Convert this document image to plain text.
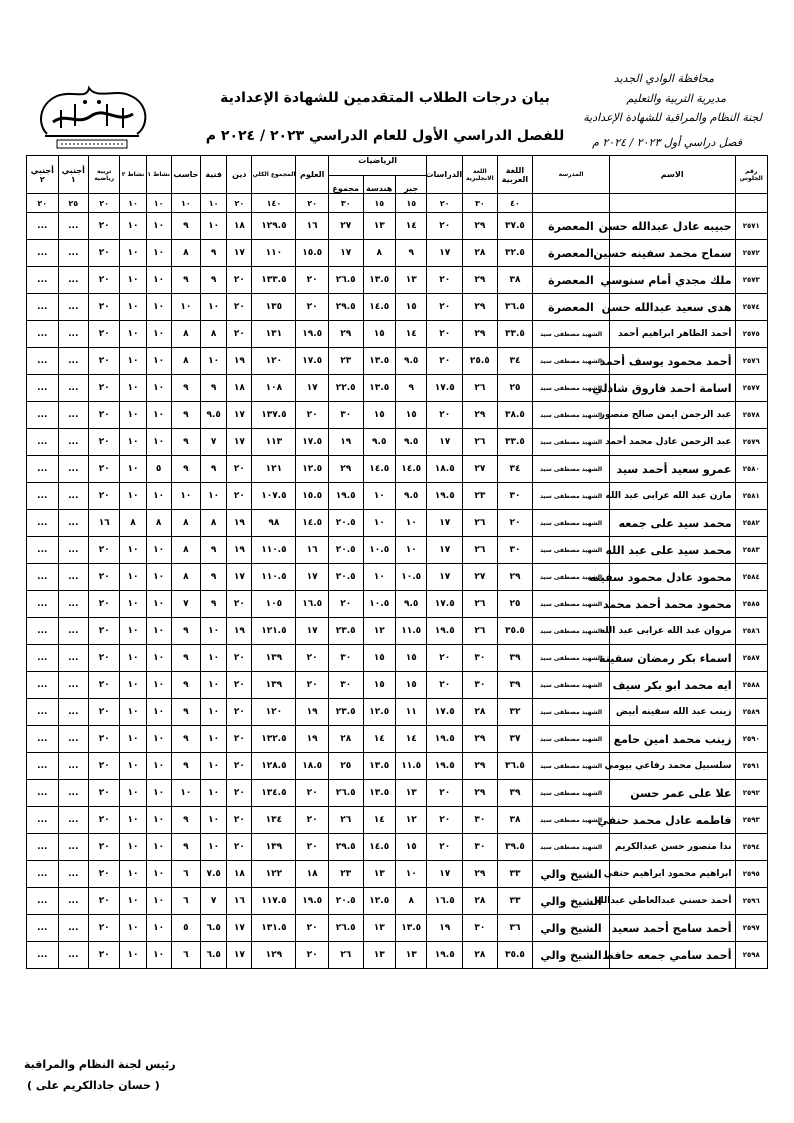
محافظة الوادي الجديد
مديرية التربية والتعليم
لجنة النظام والمراقبة للشهادة الإعدادية
فصل دراسي أول ٢٠٢٣ / ٢٠٢٤ م
بيان درجات الطلاب المتقدمين للشهادة الإعدادية
للفصل الدراسي الأول للعام الدراسي ٢٠٢٣ / ٢٠٢٤ م
رقم الجلوس	الاسم	المدرسة	اللغة العربية	اللغة الانجليزية	الدراسات	الرياضيات			العلوم	المجموع الكلي	دين	فنية	حاسب	نشاط ١	نشاط ٢	تربية رياضية	أجنبي ١	أجنبي ٢
						جبر	هندسة	مجموع										
			٤٠	٣٠	٢٠	١٥	١٥	٣٠	٢٠	١٤٠	٢٠	١٠	١٠	١٠	١٠	٢٠	٢٥	٢٠
٢٥٧١	حبيبه عادل عبدالله حسن	المعصرة	٣٧.٥	٢٩	٢٠	١٤	١٣	٢٧	١٦	١٢٩.٥	١٨	١٠	٩	١٠	١٠	٢٠	...	...
٢٥٧٢	سماح محمد سفينه حسين	المعصرة	٣٢.٥	٢٨	١٧	٩	٨	١٧	١٥.٥	١١٠	١٧	٩	٨	١٠	١٠	٢٠	...	...
٢٥٧٣	ملك مجدي أمام سنوسي	المعصرة	٣٨	٢٩	٢٠	١٣	١٣.٥	٢٦.٥	٢٠	١٣٣.٥	٢٠	٩	٩	١٠	١٠	٢٠	...	...
٢٥٧٤	هدى سعيد عبدالله حسن	المعصرة	٣٦.٥	٢٩	٢٠	١٥	١٤.٥	٢٩.٥	٢٠	١٣٥	٢٠	١٠	١٠	١٠	١٠	٢٠	...	...
٢٥٧٥	أحمد الطاهر ابراهيم أحمد	الشهيد مصطفى سيد	٣٣.٥	٢٩	٢٠	١٤	١٥	٢٩	١٩.٥	١٣١	٢٠	٨	٨	١٠	١٠	٢٠	...	...
٢٥٧٦	أحمد محمود يوسف أحمد	الشهيد مصطفى سيد	٣٤	٢٥.٥	٢٠	٩.٥	١٣.٥	٢٣	١٧.٥	١٢٠	١٩	١٠	٨	١٠	١٠	٢٠	...	...
٢٥٧٧	اسامة احمد فاروق شاذلي	الشهيد مصطفى سيد	٢٥	٢٦	١٧.٥	٩	١٣.٥	٢٢.٥	١٧	١٠٨	١٨	٩	٩	١٠	١٠	٢٠	...	...
٢٥٧٨	عبد الرحمن ايمن صالح منصور	الشهيد مصطفى سيد	٣٨.٥	٢٩	٢٠	١٥	١٥	٣٠	٢٠	١٣٧.٥	١٧	٩.٥	٩	١٠	١٠	٢٠	...	...
٢٥٧٩	عبد الرحمن عادل محمد أحمد	الشهيد مصطفى سيد	٣٣.٥	٢٦	١٧	٩.٥	٩.٥	١٩	١٧.٥	١١٣	١٧	٧	٩	١٠	١٠	٢٠	...	...
٢٥٨٠	عمرو سعيد أحمد سيد	الشهيد مصطفى سيد	٣٤	٢٧	١٨.٥	١٤.٥	١٤.٥	٢٩	١٢.٥	١٢١	٢٠	٩	٩	٥	١٠	٢٠	...	...
٢٥٨١	مازن عبد الله عرابى عبد الله	الشهيد مصطفى سيد	٣٠	٢٣	١٩.٥	٩.٥	١٠	١٩.٥	١٥.٥	١٠٧.٥	٢٠	١٠	١٠	١٠	١٠	٢٠	...	...
٢٥٨٢	محمد سيد على جمعه	الشهيد مصطفى سيد	٢٠	٢٦	١٧	١٠	١٠	٢٠.٥	١٤.٥	٩٨	١٩	٨	٨	٨	٨	١٦	...	...
٢٥٨٣	محمد سيد على عبد الله	الشهيد مصطفى سيد	٣٠	٢٦	١٧	١٠	١٠.٥	٢٠.٥	١٦	١١٠.٥	١٩	٩	٨	١٠	١٠	٢٠	...	...
٢٥٨٤	محمود عادل محمود سفينه	الشهيد مصطفى سيد	٢٩	٢٧	١٧	١٠.٥	١٠	٢٠.٥	١٧	١١٠.٥	١٧	٩	٨	١٠	١٠	٢٠	...	...
٢٥٨٥	محمود محمد أحمد محمد	الشهيد مصطفى سيد	٢٥	٢٦	١٧.٥	٩.٥	١٠.٥	٢٠	١٦.٥	١٠٥	٢٠	٩	٧	١٠	١٠	٢٠	...	...
٢٥٨٦	مروان عبد الله عرابى عبد الله	الشهيد مصطفى سيد	٣٥.٥	٢٦	١٩.٥	١١.٥	١٢	٢٣.٥	١٧	١٢١.٥	١٩	١٠	٩	١٠	١٠	٢٠	...	...
٢٥٨٧	اسماء بكر رمضان سفينة	الشهيد مصطفى سيد	٣٩	٣٠	٢٠	١٥	١٥	٣٠	٢٠	١٣٩	٢٠	١٠	٩	١٠	١٠	٢٠	...	...
٢٥٨٨	ايه محمد ابو بكر سيف	الشهيد مصطفى سيد	٣٩	٣٠	٢٠	١٥	١٥	٣٠	٢٠	١٣٩	٢٠	١٠	٩	١٠	١٠	٢٠	...	...
٢٥٨٩	زينب عبد الله سفينه أبيض	الشهيد مصطفى سيد	٣٢	٢٨	١٧.٥	١١	١٢.٥	٢٣.٥	١٩	١٢٠	٢٠	١٠	٩	١٠	١٠	٢٠	...	...
٢٥٩٠	زينب محمد امين حامع	الشهيد مصطفى سيد	٣٧	٢٩	١٩.٥	١٤	١٤	٢٨	١٩	١٣٢.٥	٢٠	١٠	٩	١٠	١٠	٢٠	...	...
٢٥٩١	سلسبيل محمد رفاعي بيومي	الشهيد مصطفى سيد	٣٦.٥	٢٩	١٩.٥	١١.٥	١٣.٥	٢٥	١٨.٥	١٢٨.٥	٢٠	١٠	٩	١٠	١٠	٢٠	...	...
٢٥٩٢	علا على عمر حسن	الشهيد مصطفى سيد	٣٩	٢٩	٢٠	١٣	١٣.٥	٢٦.٥	٢٠	١٣٤.٥	٢٠	١٠	١٠	١٠	١٠	٢٠	...	...
٢٥٩٣	فاطمه عادل محمد حنفي	الشهيد مصطفى سيد	٣٨	٣٠	٢٠	١٢	١٤	٢٦	٢٠	١٣٤	٢٠	١٠	٩	١٠	١٠	٢٠	...	...
٢٥٩٤	ندا منصور حسن عبدالكريم	الشهيد مصطفى سيد	٣٩.٥	٣٠	٢٠	١٥	١٤.٥	٢٩.٥	٢٠	١٣٩	٢٠	١٠	٩	١٠	١٠	٢٠	...	...
٢٥٩٥	ابراهيم محمود ابراهيم حنفي	الشيخ والي	٣٣	٢٩	١٧	١٠	١٣	٢٣	١٨	١٢٢	١٨	٧.٥	٦	١٠	١٠	٢٠	...	...
٢٥٩٦	أحمد حسني عبدالعاطي عبدالله	الشيخ والي	٣٣	٢٨	١٦.٥	٨	١٢.٥	٢٠.٥	١٩.٥	١١٧.٥	١٦	٧	٦	١٠	١٠	٢٠	...	...
٢٥٩٧	أحمد سامح أحمد سعيد	الشيخ والي	٣٦	٣٠	١٩	١٣.٥	١٣	٢٦.٥	٢٠	١٣١.٥	١٧	٦.٥	٥	١٠	١٠	٢٠	...	...
٢٥٩٨	أحمد سامي جمعه حافظ	الشيخ والي	٣٥.٥	٢٨	١٩.٥	١٣	١٣	٢٦	٢٠	١٢٩	١٧	٦.٥	٦	١٠	١٠	٢٠	...	...
رئيس لجنة النظام والمراقبة
( حسان جادالكريم على )
